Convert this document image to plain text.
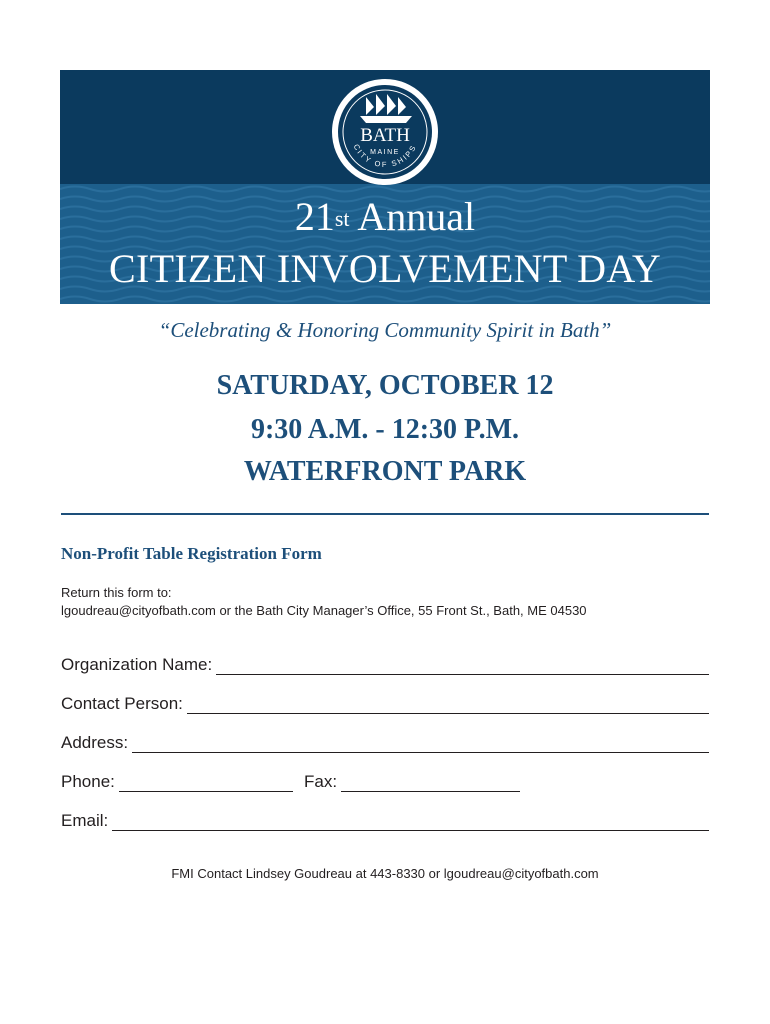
BATH
MAINE
CITY OF SHIPS
21st Annual
CITIZEN INVOLVEMENT DAY
“Celebrating & Honoring Community Spirit in Bath”
SATURDAY, OCTOBER 12
9:30 A.M. - 12:30 P.M.
WATERFRONT PARK
Non-Profit Table Registration Form
Return this form to:
lgoudreau@cityofbath.com or the Bath City Manager’s Office, 55 Front St., Bath, ME 04530
Organization Name:
Contact Person:
Address:
Phone:	Fax:
Email:
FMI Contact Lindsey Goudreau at 443-8330 or lgoudreau@cityofbath.com
